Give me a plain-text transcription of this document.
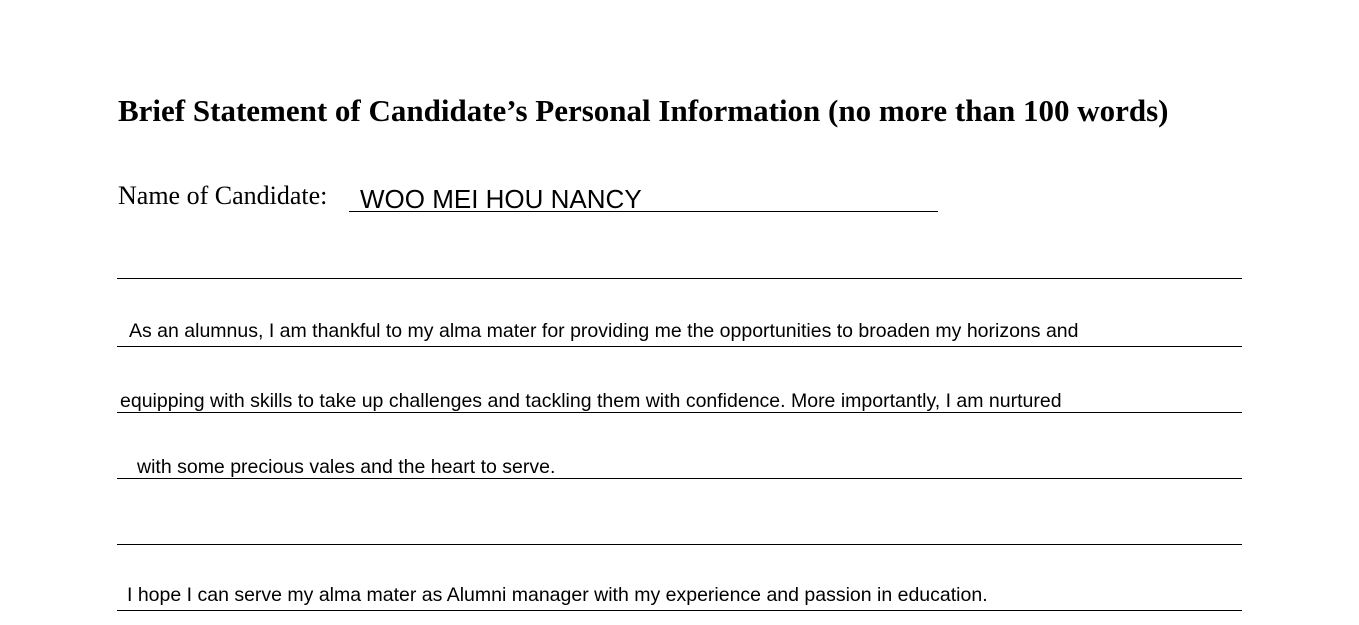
Brief Statement of Candidate’s Personal Information (no more than 100 words)
Name of Candidate: WOO MEI HOU NANCY
As an alumnus, I am thankful to my alma mater for providing me the opportunities to broaden my horizons and
equipping with skills to take up challenges and tackling them with confidence. More importantly, I am nurtured
with some precious vales and the heart to serve.
I hope I can serve my alma mater as Alumni manager with my experience and passion in education.
